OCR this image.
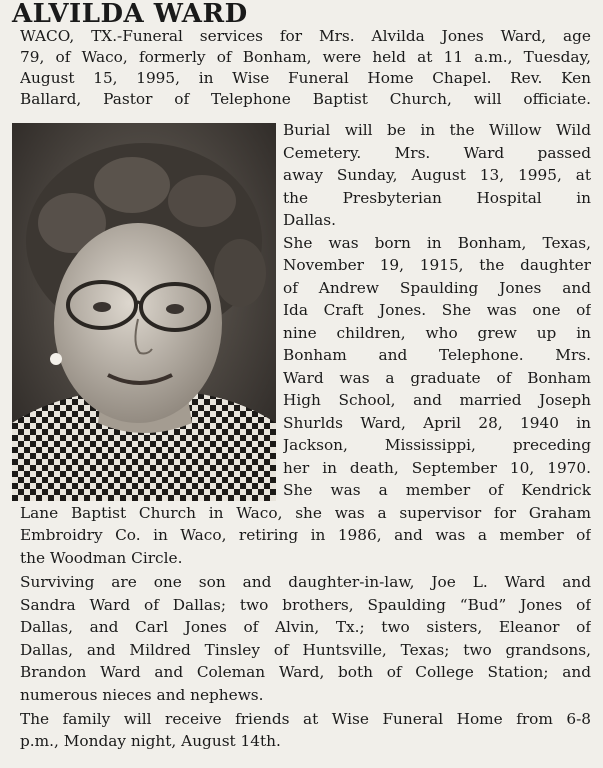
ALVILDA WARD
WACO, TX.-Funeral services for Mrs. Alvilda Jones Ward, age
79, of Waco, formerly of Bonham, were held at 11 a.m., Tuesday,
August 15, 1995, in Wise Funeral Home Chapel. Rev. Ken
Ballard, Pastor of Telephone Baptist Church, will officiate.
Burial will be in the Willow Wild
Cemetery. Mrs. Ward passed
away Sunday, August 13, 1995, at
the Presbyterian Hospital in
Dallas.
She was born in Bonham, Texas,
November 19, 1915, the daughter
of Andrew Spaulding Jones and
Ida Craft Jones. She was one of
nine children, who grew up in
Bonham and Telephone. Mrs.
Ward was a graduate of Bonham
High School, and married Joseph
Shurlds Ward, April 28, 1940 in
Jackson, Mississippi, preceding
her in death, September 10, 1970.
She was a member of Kendrick
Lane Baptist Church in Waco, she was a supervisor for Graham
Embroidry Co. in Waco, retiring in 1986, and was a member of
the Woodman Circle.
Surviving are one son and daughter-in-law, Joe L. Ward and
Sandra Ward of Dallas; two brothers, Spaulding “Bud” Jones of
Dallas, and Carl Jones of Alvin, Tx.; two sisters, Eleanor of
Dallas, and Mildred Tinsley of Huntsville, Texas; two grandsons,
Brandon Ward and Coleman Ward, both of College Station; and
numerous nieces and nephews.
The family will receive friends at Wise Funeral Home from 6-8
p.m., Monday night, August 14th.
